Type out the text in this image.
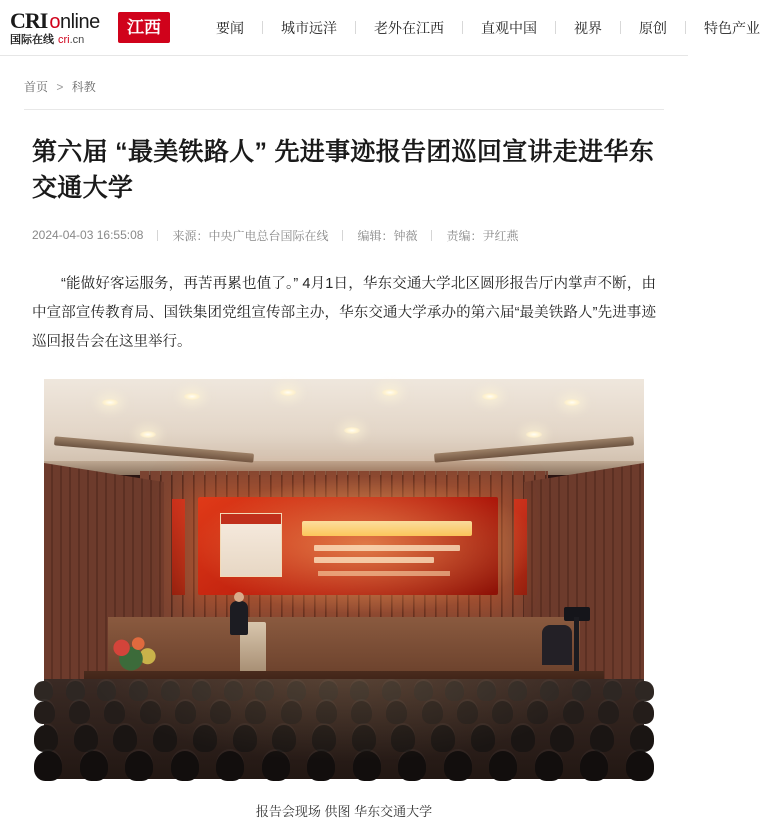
CRI online
国际在线 cri.cn
江西	要闻	城市远洋	老外在江西	直观中国	视界	原创	特色产业
首页 > 科教
第六届 “最美铁路人” 先进事迹报告团巡回宣讲走进华东交通大学
2024-04-03 16:55:08 来源：中央广电总台国际在线 编辑：钟薇 责编：尹红燕

“能做好客运服务，再苦再累也值了。” 4月1日，华东交通大学北区圆形报告厅内掌声不断，由中宣部宣传教育局、国铁集团党组宣传部主办，华东交通大学承办的第六届“最美铁路人”先进事迹巡回报告会在这里举行。

报告会现场 供图 华东交通大学
